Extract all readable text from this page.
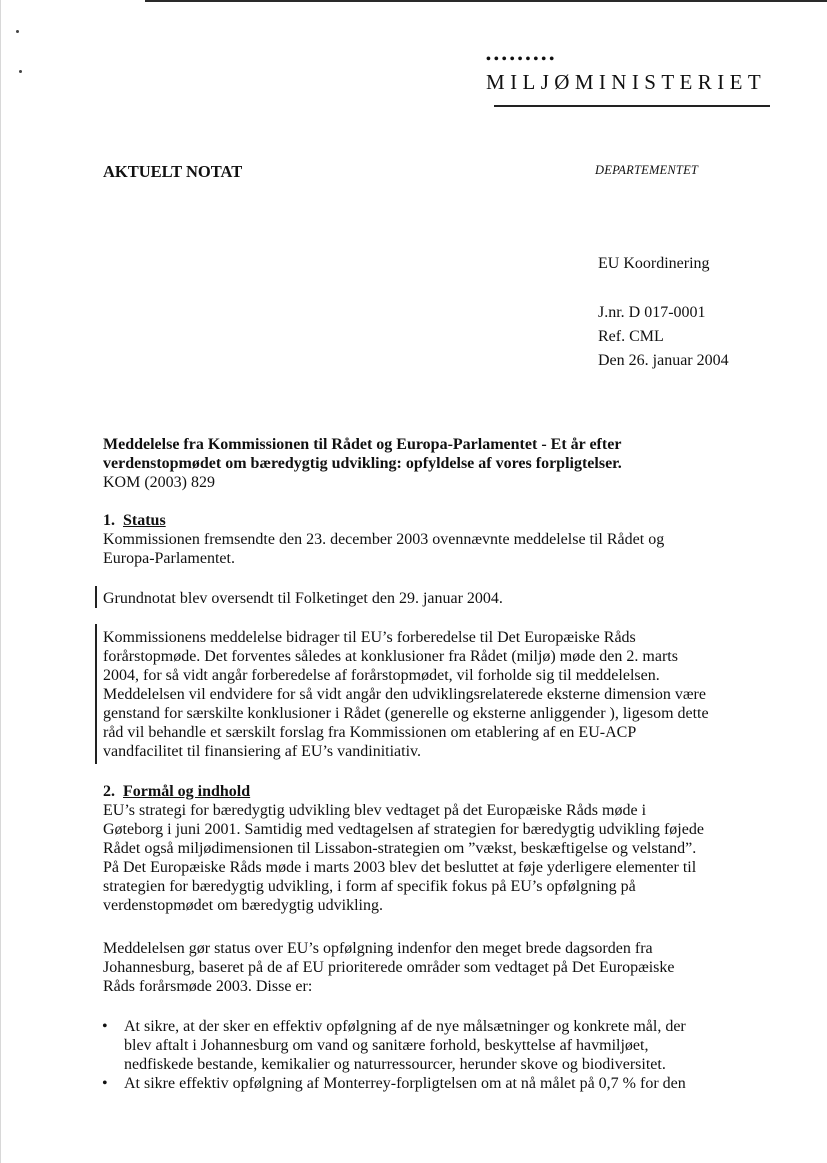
•••••••••
MILJØMINISTERIET
AKTUELT NOTAT	DEPARTEMENTET
EU Koordinering
J.nr. D 017-0001
Ref. CML
Den 26. januar 2004
Meddelelse fra Kommissionen til Rådet og Europa-Parlamentet - Et år efter
verdenstopmødet om bæredygtig udvikling: opfyldelse af vores forpligtelser.
KOM (2003) 829
1. Status
Kommissionen fremsendte den 23. december 2003 ovennævnte meddelelse til Rådet og
Europa-Parlamentet.
Grundnotat blev oversendt til Folketinget den 29. januar 2004.
Kommissionens meddelelse bidrager til EU’s forberedelse til Det Europæiske Råds
forårstopmøde. Det forventes således at konklusioner fra Rådet (miljø) møde den 2. marts
2004, for så vidt angår forberedelse af forårstopmødet, vil forholde sig til meddelelsen.
Meddelelsen vil endvidere for så vidt angår den udviklingsrelaterede eksterne dimension være
genstand for særskilte konklusioner i Rådet (generelle og eksterne anliggender ), ligesom dette
råd vil behandle et særskilt forslag fra Kommissionen om etablering af en EU-ACP
vandfacilitet til finansiering af EU’s vandinitiativ.
2. Formål og indhold
EU’s strategi for bæredygtig udvikling blev vedtaget på det Europæiske Råds møde i
Gøteborg i juni 2001. Samtidig med vedtagelsen af strategien for bæredygtig udvikling føjede
Rådet også miljødimensionen til Lissabon-strategien om ”vækst, beskæftigelse og velstand”.
På Det Europæiske Råds møde i marts 2003 blev det besluttet at føje yderligere elementer til
strategien for bæredygtig udvikling, i form af specifik fokus på EU’s opfølgning på
verdenstopmødet om bæredygtig udvikling.
Meddelelsen gør status over EU’s opfølgning indenfor den meget brede dagsorden fra
Johannesburg, baseret på de af EU prioriterede områder som vedtaget på Det Europæiske
Råds forårsmøde 2003. Disse er:
• At sikre, at der sker en effektiv opfølgning af de nye målsætninger og konkrete mål, der
blev aftalt i Johannesburg om vand og sanitære forhold, beskyttelse af havmiljøet,
nedfiskede bestande, kemikalier og naturressourcer, herunder skove og biodiversitet.
• At sikre effektiv opfølgning af Monterrey-forpligtelsen om at nå målet på 0,7 % for den
